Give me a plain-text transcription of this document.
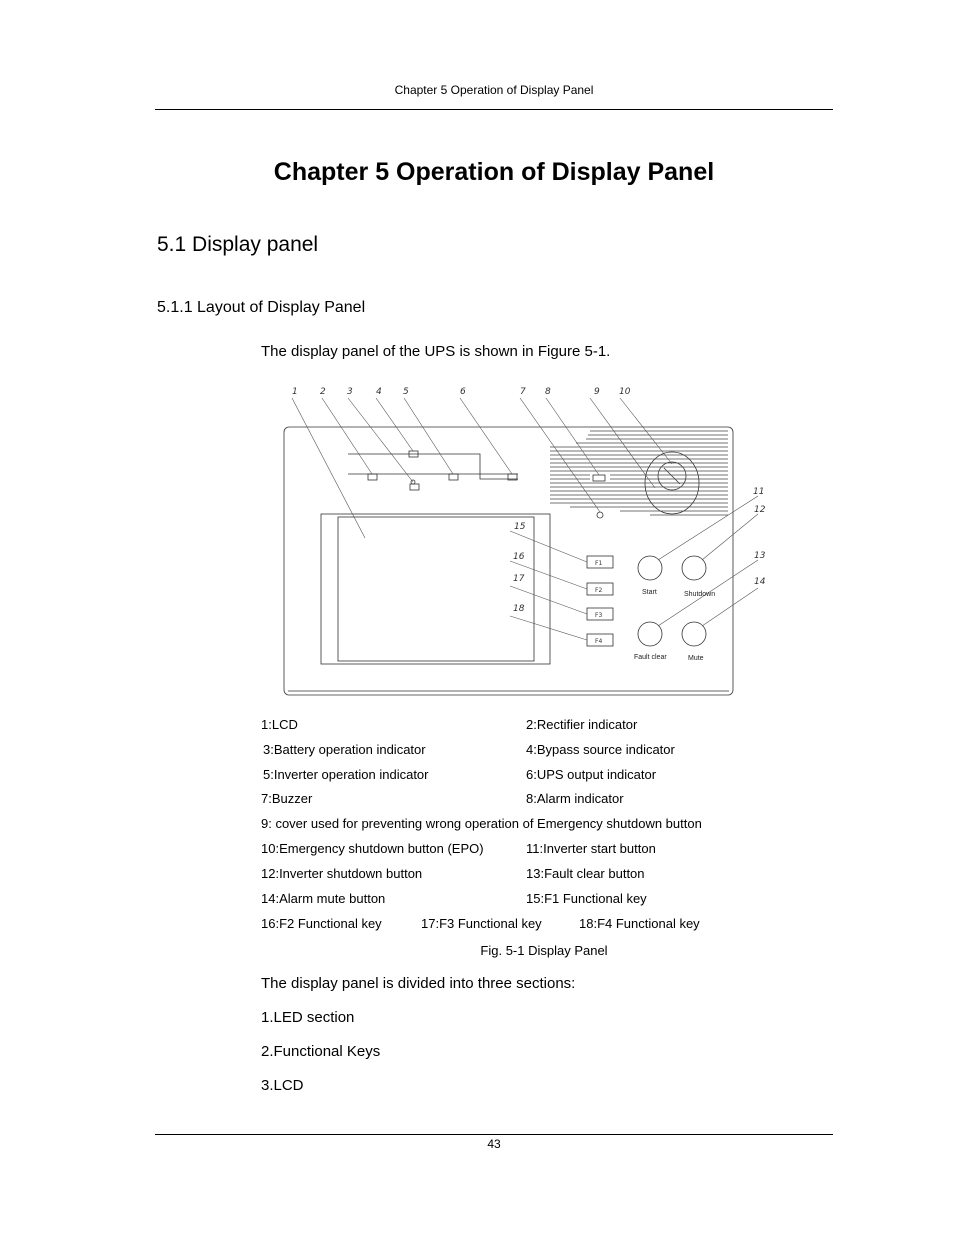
Chapter 5 Operation of Display Panel
Chapter 5 Operation of Display Panel
5.1 Display panel
5.1.1 Layout of Display Panel
The display panel of the UPS is shown in Figure 5-1.
1 2 3	4 5	6	7 8	9 10
11
12
13
14
15
16
17
18
F1
F2
F3
F4
Start	Shutdown
Fault clear	Mute
1:LCD	2:Rectifier indicator
3:Battery operation indicator	4:Bypass source indicator
5:Inverter operation indicator	6:UPS output indicator
7:Buzzer	8:Alarm indicator
9: cover used for preventing wrong operation of Emergency shutdown button
10:Emergency shutdown button (EPO)	11:Inverter start button
12:Inverter shutdown button	13:Fault clear button
14:Alarm mute button	15:F1 Functional key
16:F2 Functional key	17:F3 Functional key	18:F4 Functional key
Fig. 5-1 Display Panel
The display panel is divided into three sections:
1.LED section
2.Functional Keys
3.LCD
43
